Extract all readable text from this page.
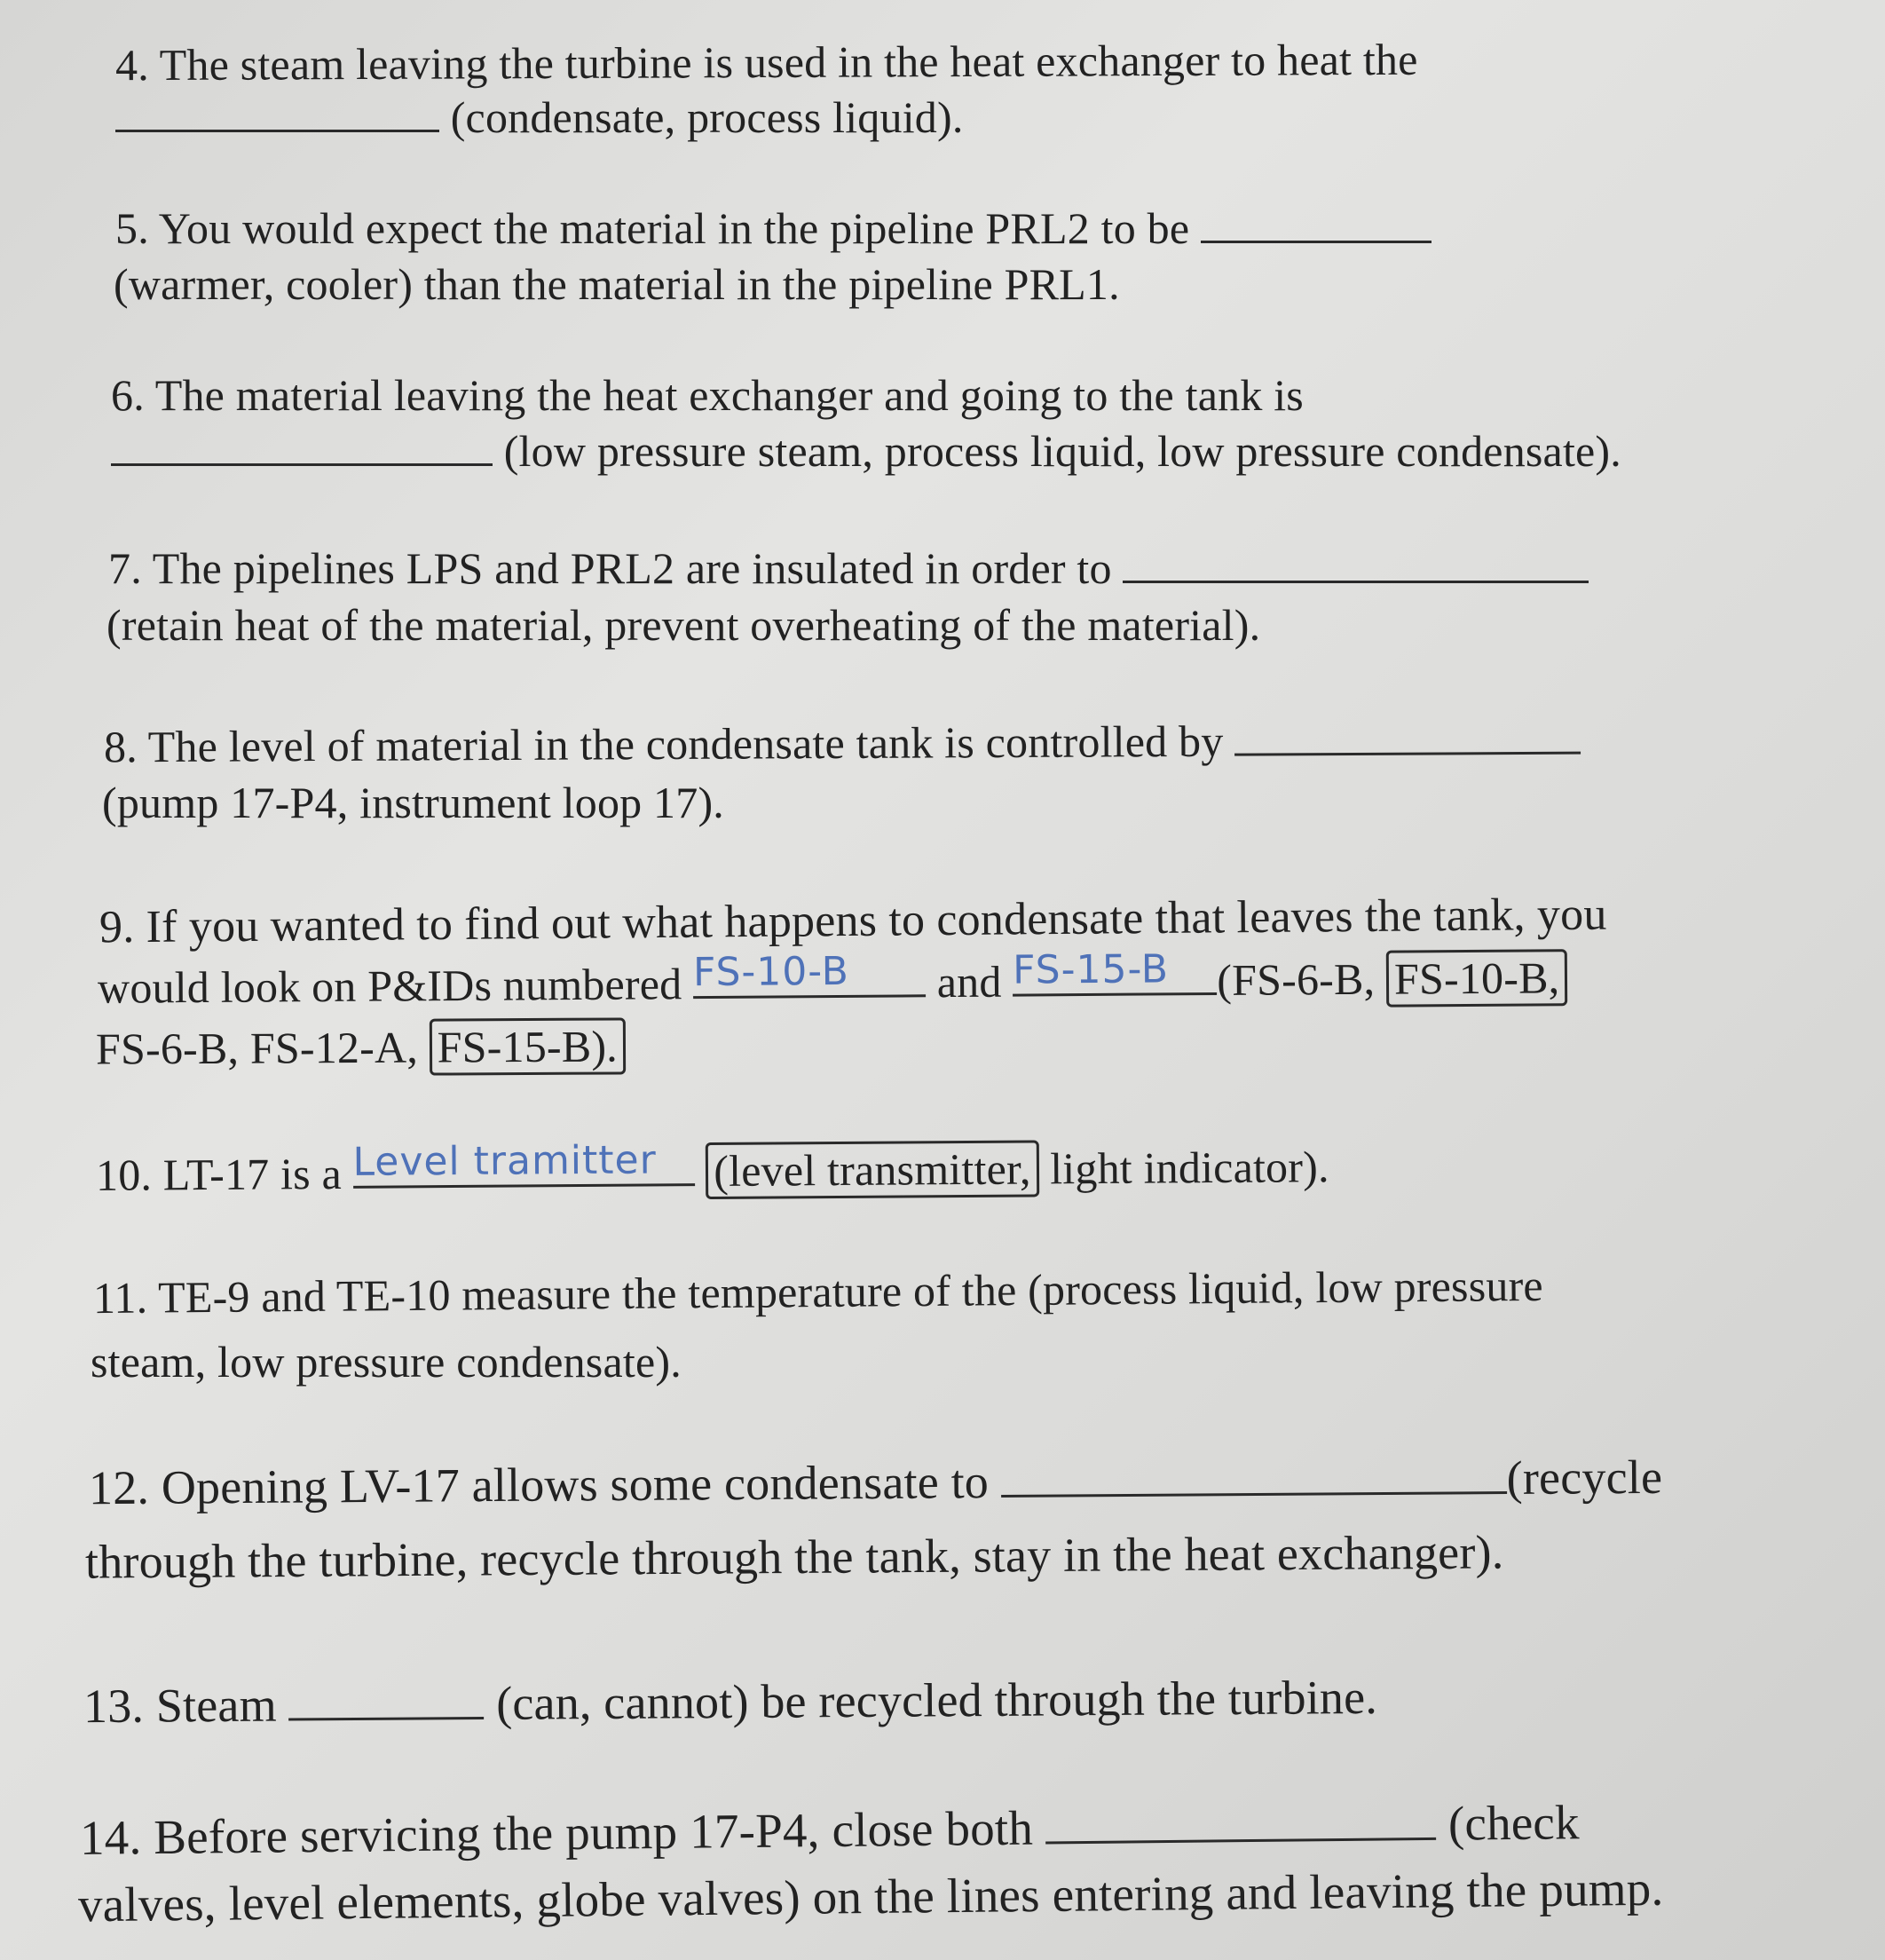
4. The steam leaving the turbine is used in the heat exchanger to heat the
(condensate, process liquid).
5. You would expect the material in the pipeline PRL2 to be
(warmer, cooler) than the material in the pipeline PRL1.
6. The material leaving the heat exchanger and going to the tank is
(low pressure steam, process liquid, low pressure condensate).
7. The pipelines LPS and PRL2 are insulated in order to
(retain heat of the material, prevent overheating of the material).
8. The level of material in the condensate tank is controlled by
(pump 17-P4, instrument loop 17).
9. If you wanted to find out what happens to condensate that leaves the tank, you
would look on P&IDs numbered FS-10-B and FS-15-B (FS-6-B, FS-10-B,
FS-6-B, FS-12-A, FS-15-B).
10. LT-17 is a Level tramitter (level transmitter, light indicator).
11. TE-9 and TE-10 measure the temperature of the (process liquid, low pressure
steam, low pressure condensate).
12. Opening LV-17 allows some condensate to	(recycle
through the turbine, recycle through the tank, stay in the heat exchanger).
13. Steam	(can, cannot) be recycled through the turbine.
14. Before servicing the pump 17-P4, close both	(check
valves, level elements, globe valves) on the lines entering and leaving the pump.
